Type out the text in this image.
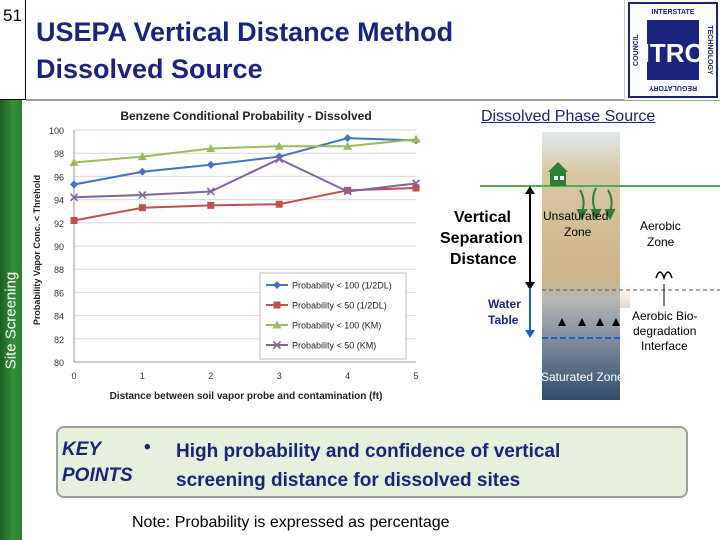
51
Site Screening
USEPA Vertical Distance Method
Dissolved Source
ITRC
INTERSTATE
REGULATORY
COUNCIL	TECHNOLOGY
Dissolved Phase Source
Benzene Conditional Probability - Dissolved
Probability Vapor Conc. < Threhold
Distance between soil vapor probe and contamination (ft)
80
82
84
86
88
90
92
94
96
98
100
0	1	2	3	4	5
Probability < 100 (1/2DL)
Probability < 50 (1/2DL)
Probability < 100 (KM)
Probability < 50 (KM)
Vertical Separation Distance
Unsaturated Zone	Aerobic Zone
Water Table	Aerobic Bio- degradation Interface
Saturated Zone
KEY
POINTS
• High probability and confidence of vertical screening distance for dissolved sites
Note: Probability is expressed as percentage
